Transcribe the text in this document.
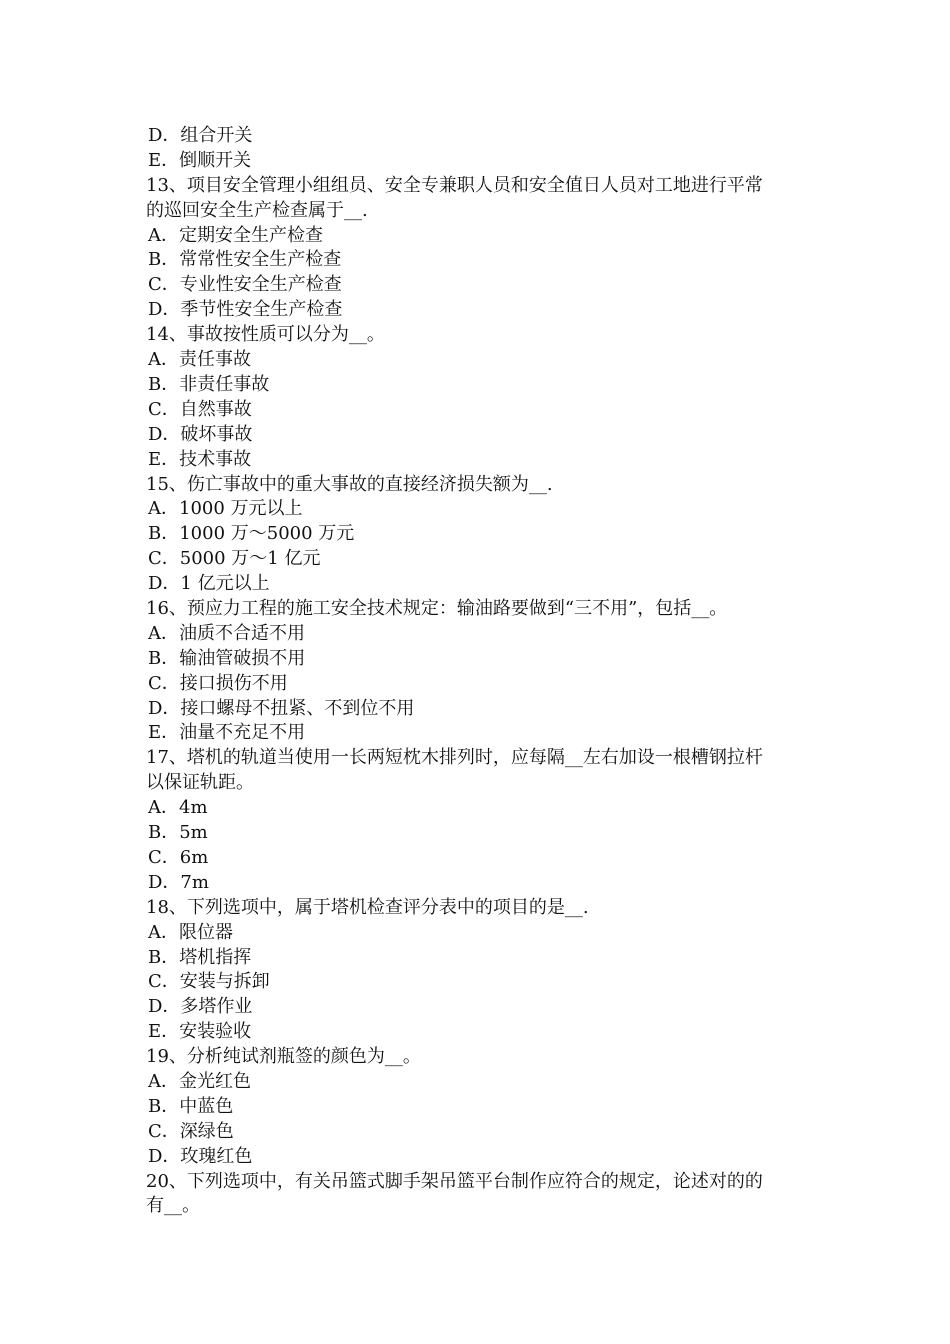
D．组合开关
E．倒顺开关
13、项目安全管理小组组员、安全专兼职人员和安全值日人员对工地进行平常
的巡回安全生产检查属于__.
A．定期安全生产检查
B．常常性安全生产检查
C．专业性安全生产检查
D．季节性安全生产检查
14、事故按性质可以分为__。
A．责任事故
B．非责任事故
C．自然事故
D．破坏事故
E．技术事故
15、伤亡事故中的重大事故的直接经济损失额为__.
A．1000 万元以上
B．1000 万～5000 万元
C．5000 万～1 亿元
D．1 亿元以上
16、预应力工程的施工安全技术规定：输油路要做到“三不用”，包括__。
A．油质不合适不用
B．输油管破损不用
C．接口损伤不用
D．接口螺母不扭紧、不到位不用
E．油量不充足不用
17、塔机的轨道当使用一长两短枕木排列时，应每隔__左右加设一根槽钢拉杆
以保证轨距。
A．4m
B．5m
C．6m
D．7m
18、下列选项中，属于塔机检查评分表中的项目的是__.
A．限位器
B．塔机指挥
C．安装与拆卸
D．多塔作业
E．安装验收
19、分析纯试剂瓶签的颜色为__。
A．金光红色
B．中蓝色
C．深绿色
D．玫瑰红色
20、下列选项中，有关吊篮式脚手架吊篮平台制作应符合的规定，论述对的的
有__。
